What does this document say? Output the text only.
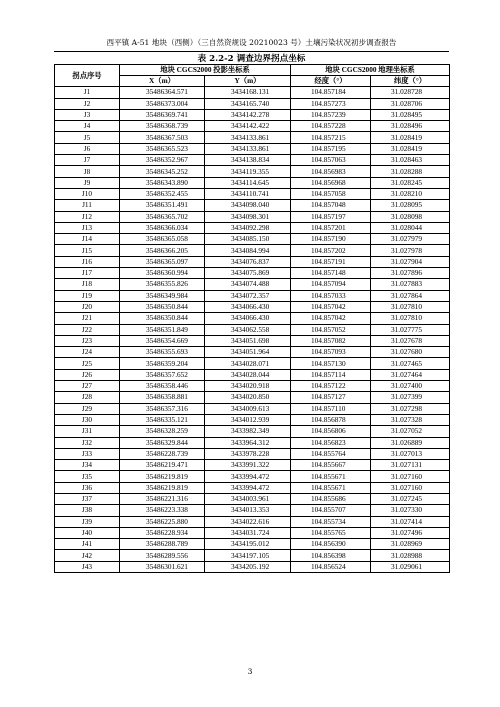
西平镇 A-51 地块（西侧）（三自然资规设 20210023 号）土壤污染状况初步调查报告
表 2.2-2 调查边界拐点坐标
拐点序号	地块 CGCS2000 投影坐标系		地块 CGCS2000 地理坐标系	
	X（m）	Y（m）	经度（°）	纬度（°）
J1	35486364.571	3434168.131	104.857184	31.028728
J2	35486373.004	3434165.740	104.857273	31.028706
J3	35486369.741	3434142.278	104.857239	31.028495
J4	35486368.739	3434142.422	104.857228	31.028496
J5	35486367.503	3434133.861	104.857215	31.028419
J6	35486365.523	3434133.861	104.857195	31.028419
J7	35486352.967	3434138.834	104.857063	31.028463
J8	35486345.252	3434119.355	104.856983	31.028288
J9	35486343.890	3434114.645	104.856968	31.028245
J10	35486352.455	3434110.741	104.857058	31.028210
J11	35486351.491	3434098.040	104.857048	31.028095
J12	35486365.702	3434098.301	104.857197	31.028098
J13	35486366.034	3434092.298	104.857201	31.028044
J14	35486365.058	3434085.150	104.857190	31.027979
J15	35486366.205	3434084.994	104.857202	31.027978
J16	35486365.097	3434076.837	104.857191	31.027904
J17	35486360.994	3434075.869	104.857148	31.027896
J18	35486355.826	3434074.488	104.857094	31.027883
J19	35486349.984	3434072.357	104.857033	31.027864
J20	35486350.844	3434066.430	104.857042	31.027810
J21	35486350.844	3434066.430	104.857042	31.027810
J22	35486351.849	3434062.558	104.857052	31.027775
J23	35486354.669	3434051.698	104.857082	31.027678
J24	35486355.693	3434051.964	104.857093	31.027680
J25	35486359.204	3434028.071	104.857130	31.027465
J26	35486357.652	3434028.044	104.857114	31.027464
J27	35486358.446	3434020.918	104.857122	31.027400
J28	35486358.881	3434020.850	104.857127	31.027399
J29	35486357.316	3434009.613	104.857110	31.027298
J30	35486335.121	3434012.939	104.856878	31.027328
J31	35486328.259	3433982.349	104.856806	31.027052
J32	35486329.844	3433964.312	104.856823	31.026889
J33	35486228.739	3433978.228	104.855764	31.027013
J34	35486219.471	3433991.322	104.855667	31.027131
J35	35486219.819	3433994.472	104.855671	31.027160
J36	35486219.819	3433994.472	104.855671	31.027160
J37	35486221.316	3434003.961	104.855686	31.027245
J38	35486223.338	3434013.353	104.855707	31.027330
J39	35486225.880	3434022.616	104.855734	31.027414
J40	35486228.934	3434031.724	104.855765	31.027496
J41	35486288.789	3434195.012	104.856390	31.028969
J42	35486289.556	3434197.105	104.856398	31.028988
J43	35486301.621	3434205.192	104.856524	31.029061
3
